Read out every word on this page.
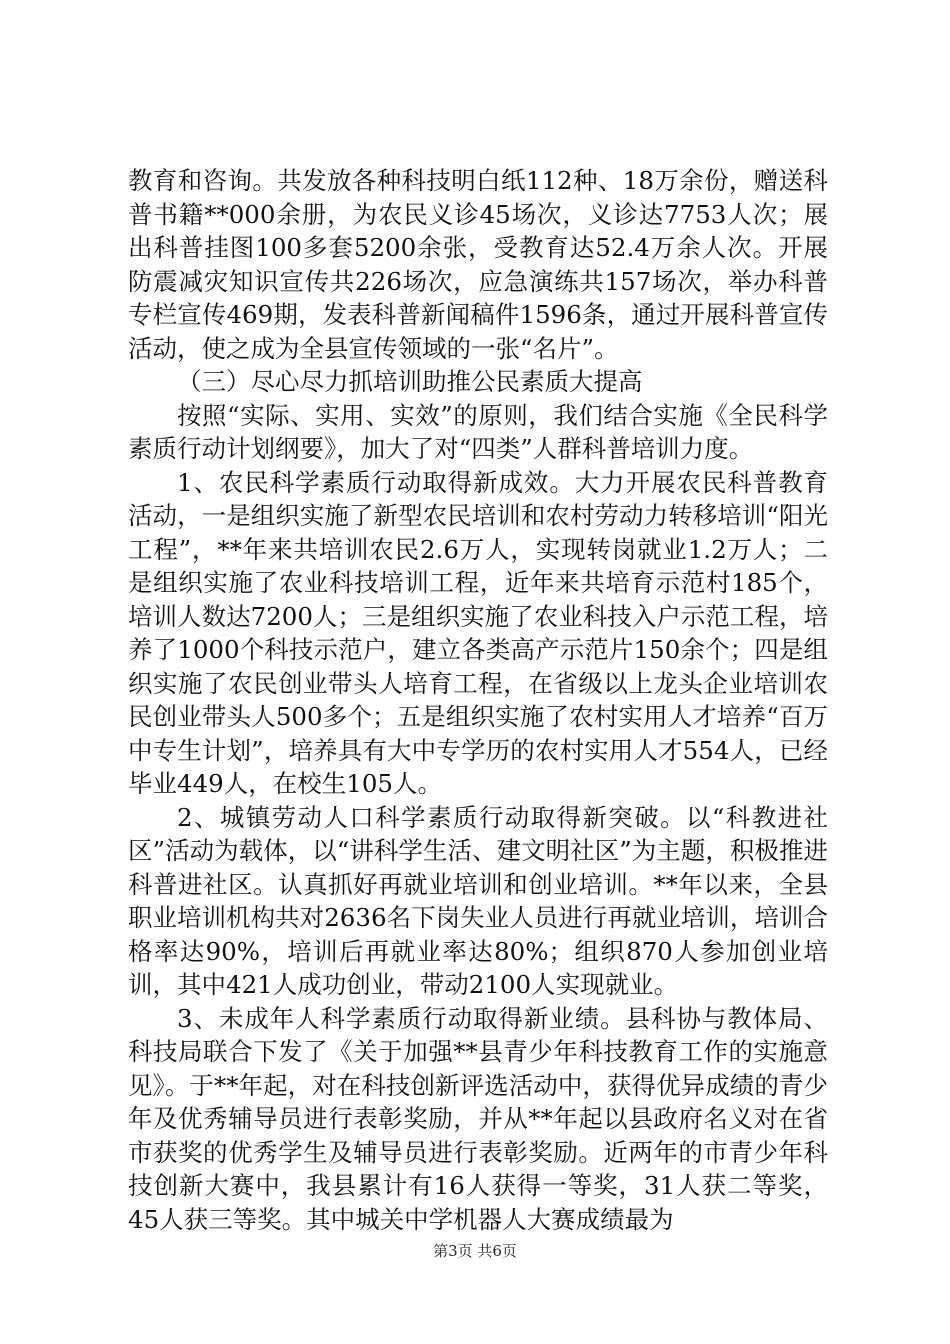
教育和咨询。共发放各种科技明白纸112种、18万余份，赠送科普书籍**000余册，为农民义诊45场次，义诊达7753人次；展出科普挂图100多套5200余张，受教育达52.4万余人次。开展防震减灾知识宣传共226场次，应急演练共157场次，举办科普专栏宣传469期，发表科普新闻稿件1596条，通过开展科普宣传活动，使之成为全县宣传领域的一张“名片”。

（三）尽心尽力抓培训助推公民素质大提高

按照“实际、实用、实效”的原则，我们结合实施《全民科学素质行动计划纲要》，加大了对“四类”人群科普培训力度。

1、农民科学素质行动取得新成效。大力开展农民科普教育活动，一是组织实施了新型农民培训和农村劳动力转移培训“阳光工程”，**年来共培训农民2.6万人，实现转岗就业1.2万人；二是组织实施了农业科技培训工程，近年来共培育示范村185个，培训人数达7200人；三是组织实施了农业科技入户示范工程，培养了1000个科技示范户，建立各类高产示范片150余个；四是组织实施了农民创业带头人培育工程，在省级以上龙头企业培训农民创业带头人500多个；五是组织实施了农村实用人才培养“百万中专生计划”，培养具有大中专学历的农村实用人才554人，已经毕业449人，在校生105人。

2、城镇劳动人口科学素质行动取得新突破。以“科教进社区”活动为载体，以“讲科学生活、建文明社区”为主题，积极推进科普进社区。认真抓好再就业培训和创业培训。**年以来，全县职业培训机构共对2636名下岗失业人员进行再就业培训，培训合格率达90%，培训后再就业率达80%；组织870人参加创业培训，其中421人成功创业，带动2100人实现就业。

3、未成年人科学素质行动取得新业绩。县科协与教体局、科技局联合下发了《关于加强**县青少年科技教育工作的实施意见》。于**年起，对在科技创新评选活动中，获得优异成绩的青少年及优秀辅导员进行表彰奖励，并从**年起以县政府名义对在省市获奖的优秀学生及辅导员进行表彰奖励。近两年的市青少年科技创新大赛中，我县累计有16人获得一等奖，31人获二等奖，45人获三等奖。其中城关中学机器人大赛成绩最为

第3页 共6页
